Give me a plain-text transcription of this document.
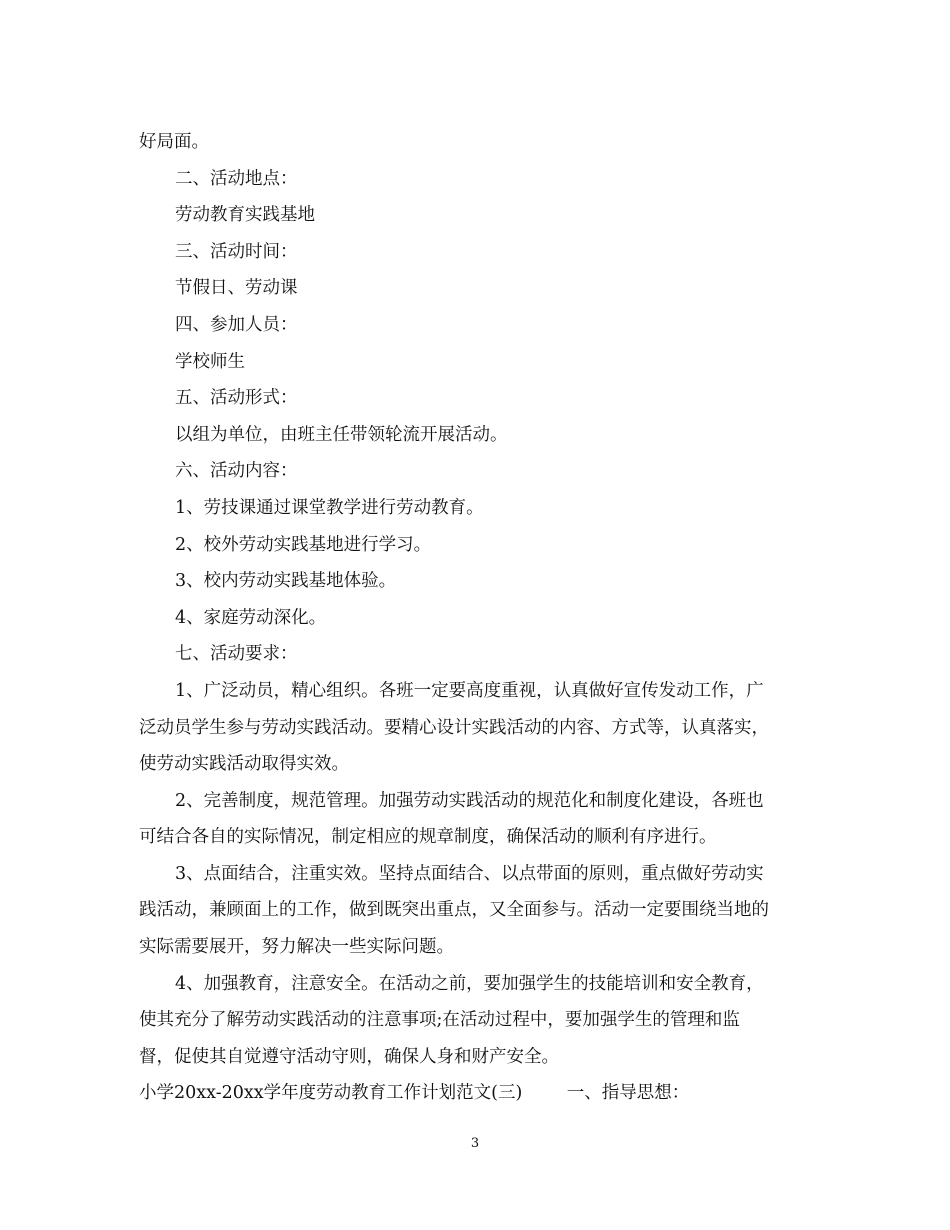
好局面。
二、活动地点：
劳动教育实践基地
三、活动时间：
节假日、劳动课
四、参加人员：
学校师生
五、活动形式：
以组为单位，由班主任带领轮流开展活动。
六、活动内容：
1、劳技课通过课堂教学进行劳动教育。
2、校外劳动实践基地进行学习。
3、校内劳动实践基地体验。
4、家庭劳动深化。
七、活动要求：
1、广泛动员，精心组织。各班一定要高度重视，认真做好宣传发动工作，广
泛动员学生参与劳动实践活动。要精心设计实践活动的内容、方式等，认真落实，
使劳动实践活动取得实效。
2、完善制度，规范管理。加强劳动实践活动的规范化和制度化建设，各班也
可结合各自的实际情况，制定相应的规章制度，确保活动的顺利有序进行。
3、点面结合，注重实效。坚持点面结合、以点带面的原则，重点做好劳动实
践活动，兼顾面上的工作，做到既突出重点，又全面参与。活动一定要围绕当地的
实际需要展开，努力解决一些实际问题。
4、加强教育，注意安全。在活动之前，要加强学生的技能培训和安全教育，
使其充分了解劳动实践活动的注意事项;在活动过程中，要加强学生的管理和监
督，促使其自觉遵守活动守则，确保人身和财产安全。
小学20xx-20xx学年度劳动教育工作计划范文(三)	一、指导思想：
3
